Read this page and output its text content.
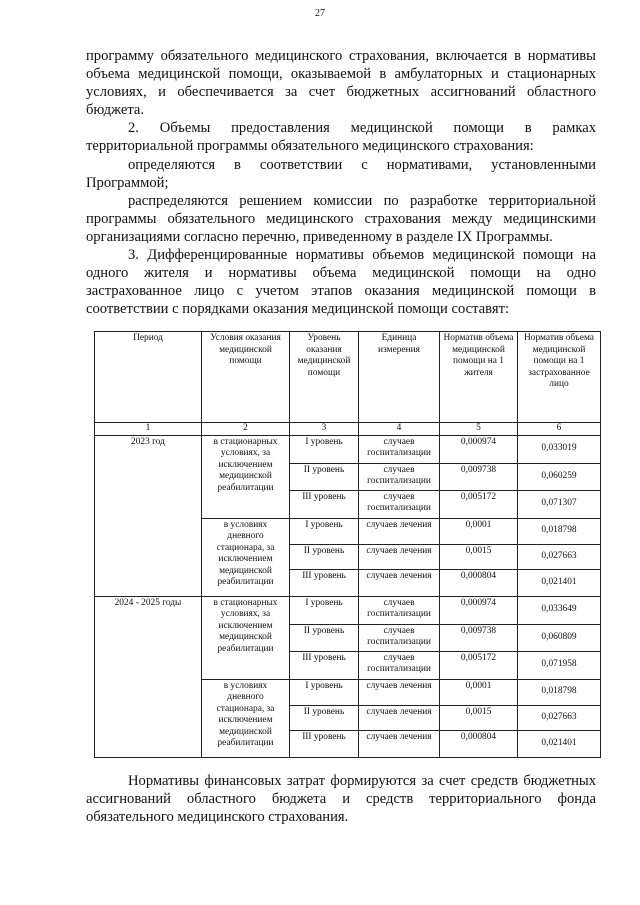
27

программу обязательного медицинского страхования, включается в нормативы объема медицинской помощи, оказываемой в амбулаторных и стационарных условиях, и обеспечивается за счет бюджетных ассигнований областного бюджета.

2. Объемы предоставления медицинской помощи в рамках территориальной программы обязательного медицинского страхования:

определяются в соответствии с нормативами, установленными Программой;

распределяются решением комиссии по разработке территориальной программы обязательного медицинского страхования между медицинскими организациями согласно перечню, приведенному в разделе IX Программы.

3. Дифференцированные нормативы объемов медицинской помощи на одного жителя и нормативы объема медицинской помощи на одно застрахованное лицо с учетом этапов оказания медицинской помощи в соответствии с порядками оказания медицинской помощи составят:

Период	Условия оказания медицинской помощи	Уровень оказания медицинской помощи	Единица измерения	Норматив объема медицинской помощи на 1 жителя	Норматив объема медицинской помощи на 1 застрахованное лицо
1	2	3	4	5	6
2023 год	в стационарных условиях, за исключением медицинской реабилитации	I уровень	случаев госпитализации	0,000974	0,033019
		II уровень	случаев госпитализации	0,009738	0,060259
		III уровень	случаев госпитализации	0,005172	0,071307
	в условиях дневного стационара, за исключением медицинской реабилитации	I уровень	случаев лечения	0,0001	0,018798
		II уровень	случаев лечения	0,0015	0,027663
		III уровень	случаев лечения	0,000804	0,021401
2024 - 2025 годы	в стационарных условиях, за исключением медицинской реабилитации	I уровень	случаев госпитализации	0,000974	0,033649
		II уровень	случаев госпитализации	0,009738	0,060809
		III уровень	случаев госпитализации	0,005172	0,071958
	в условиях дневного стационара, за исключением медицинской реабилитации	I уровень	случаев лечения	0,0001	0,018798
		II уровень	случаев лечения	0,0015	0,027663
		III уровень	случаев лечения	0,000804	0,021401

Нормативы финансовых затрат формируются за счет средств бюджетных ассигнований областного бюджета и средств территориального фонда обязательного медицинского страхования.
